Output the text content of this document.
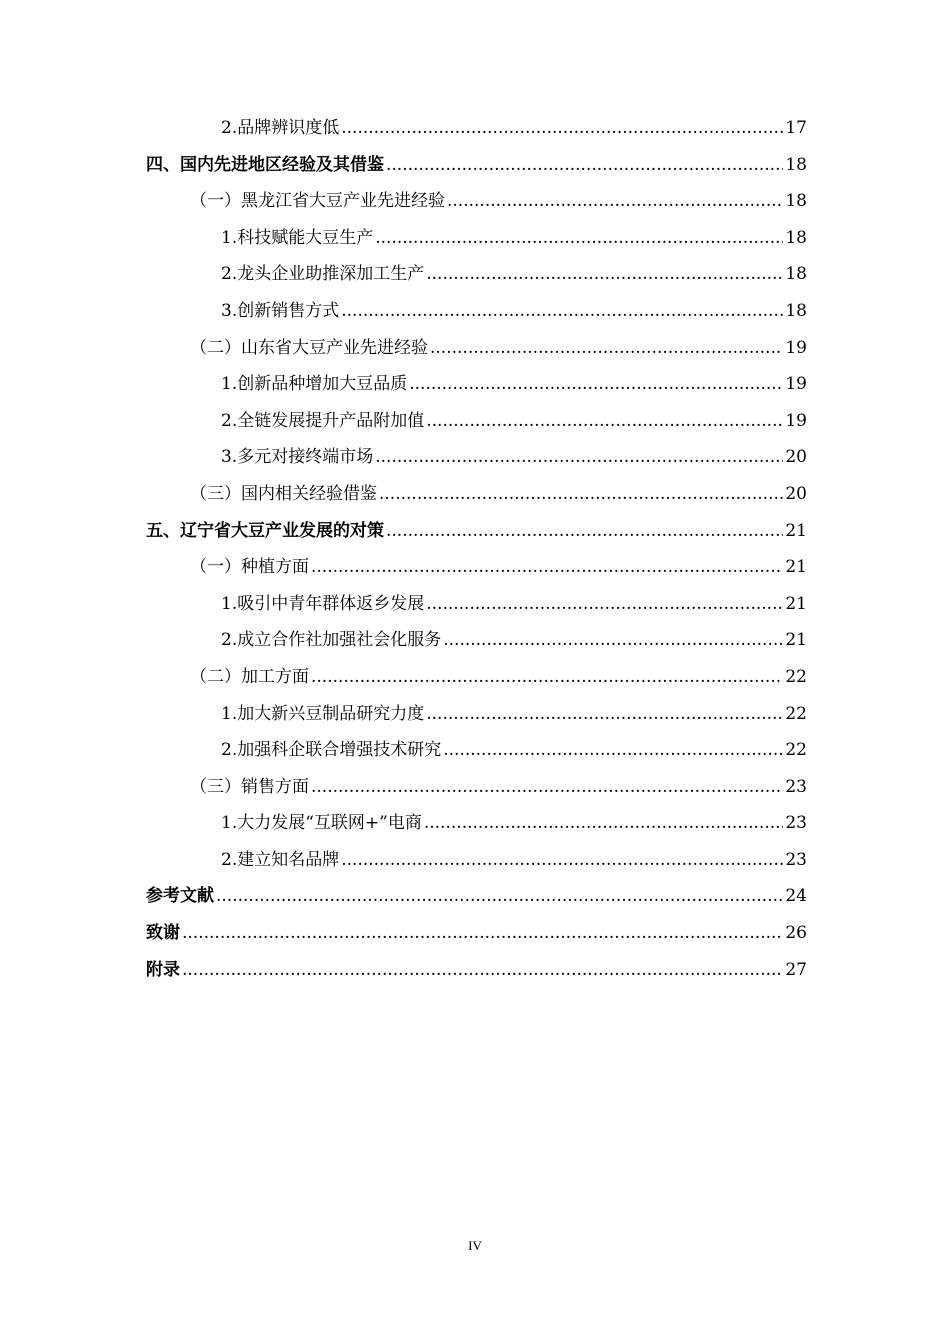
2. 品牌辨识度低 .....	17
四、 国内先进地区经验及其借鉴 .....	18
（一） 黑龙江省大豆产业先进经验 .....	18
1. 科技赋能大豆生产 .....	18
2. 龙头企业助推深加工生产 .....	18
3. 创新销售方式 .....	18
（二） 山东省大豆产业先进经验 .....	19
1. 创新品种增加大豆品质 .....	19
2. 全链发展提升产品附加值 .....	19
3. 多元对接终端市场 .....	20
（三） 国内相关经验借鉴 .....	20
五、 辽宁省大豆产业发展的对策 .....	21
（一） 种植方面 .....	21
1. 吸引中青年群体返乡发展 .....	21
2. 成立合作社加强社会化服务 .....	21
（二） 加工方面 .....	22
1. 加大新兴豆制品研究力度 .....	22
2. 加强科企联合增强技术研究 .....	22
（三） 销售方面 .....	23
1. 大力发展“互联网+”电商 .....	23
2. 建立知名品牌 .....	23
参考文献 .....	24
致谢 .....	26
附录 .....	27
IV
